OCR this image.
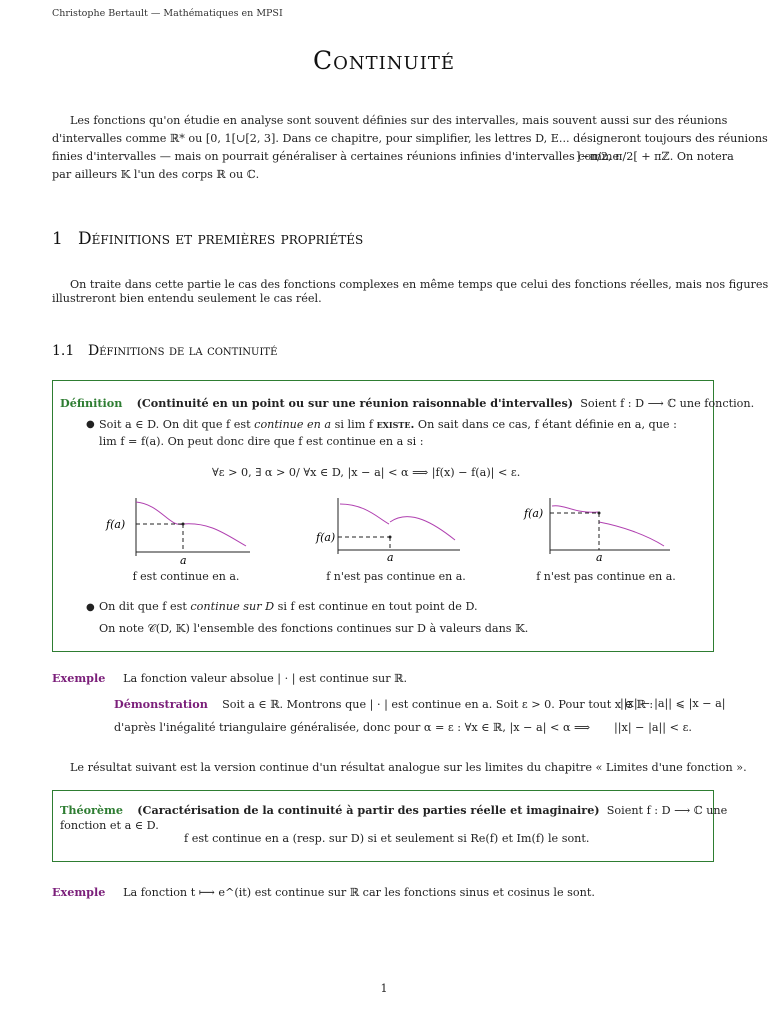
Christophe Bertault — Mathématiques en MPSI
Continuité
Les fonctions qu'on étudie en analyse sont souvent définies sur des intervalles, mais souvent aussi sur des réunions
d'intervalles comme ℝ* ou [0, 1[∪[2, 3]. Dans ce chapitre, pour simplifier, les lettres D, E... désigneront toujours des réunions
finies d'intervalles — mais on pourrait généraliser à certaines réunions infinies d'intervalles comme
]−π/2, π/2[ + πℤ. On notera
par ailleurs 𝕂 l'un des corps ℝ ou ℂ.
1 Définitions et premières propriétés
On traite dans cette partie le cas des fonctions complexes en même temps que celui des fonctions réelles, mais nos figures
illustreront bien entendu seulement le cas réel.
1.1 Définitions de la continuité
Définition (Continuité en un point ou sur une réunion raisonnable d'intervalles) Soient f : D ⟶ ℂ une fonction.
● Soit a ∈ D. On dit que f est continue en a si lim f existe. On sait dans ce cas, f étant définie en a, que :
lim f = f(a). On peut donc dire que f est continue en a si :
∀ε > 0, ∃ α > 0/ ∀x ∈ D, |x − a| < α ⟹ |f(x) − f(a)| < ε.
f(a)
a
f(a)
a
f(a)
a
f est continue en a.	f n'est pas continue en a.	f n'est pas continue en a.
● On dit que f est continue sur D si f est continue en tout point de D.
On note 𝒞(D, 𝕂) l'ensemble des fonctions continues sur D à valeurs dans 𝕂.
Exemple La fonction valeur absolue | · | est continue sur ℝ.
Démonstration Soit a ∈ ℝ. Montrons que | · | est continue en a. Soit ε > 0. Pour tout x ∈ ℝ :
||x| − |a|| ⩽ |x − a|
d'après l'inégalité triangulaire généralisée, donc pour α = ε : ∀x ∈ ℝ, |x − a| < α ⟹ ||x| − |a|| < ε.
Le résultat suivant est la version continue d'un résultat analogue sur les limites du chapitre « Limites d'une fonction ».
Théorème (Caractérisation de la continuité à partir des parties réelle et imaginaire) Soient f : D ⟶ ℂ une
fonction et a ∈ D.
f est continue en a (resp. sur D) si et seulement si Re(f) et Im(f) le sont.
Exemple La fonction t ⟼ e^(it) est continue sur ℝ car les fonctions sinus et cosinus le sont.
1
